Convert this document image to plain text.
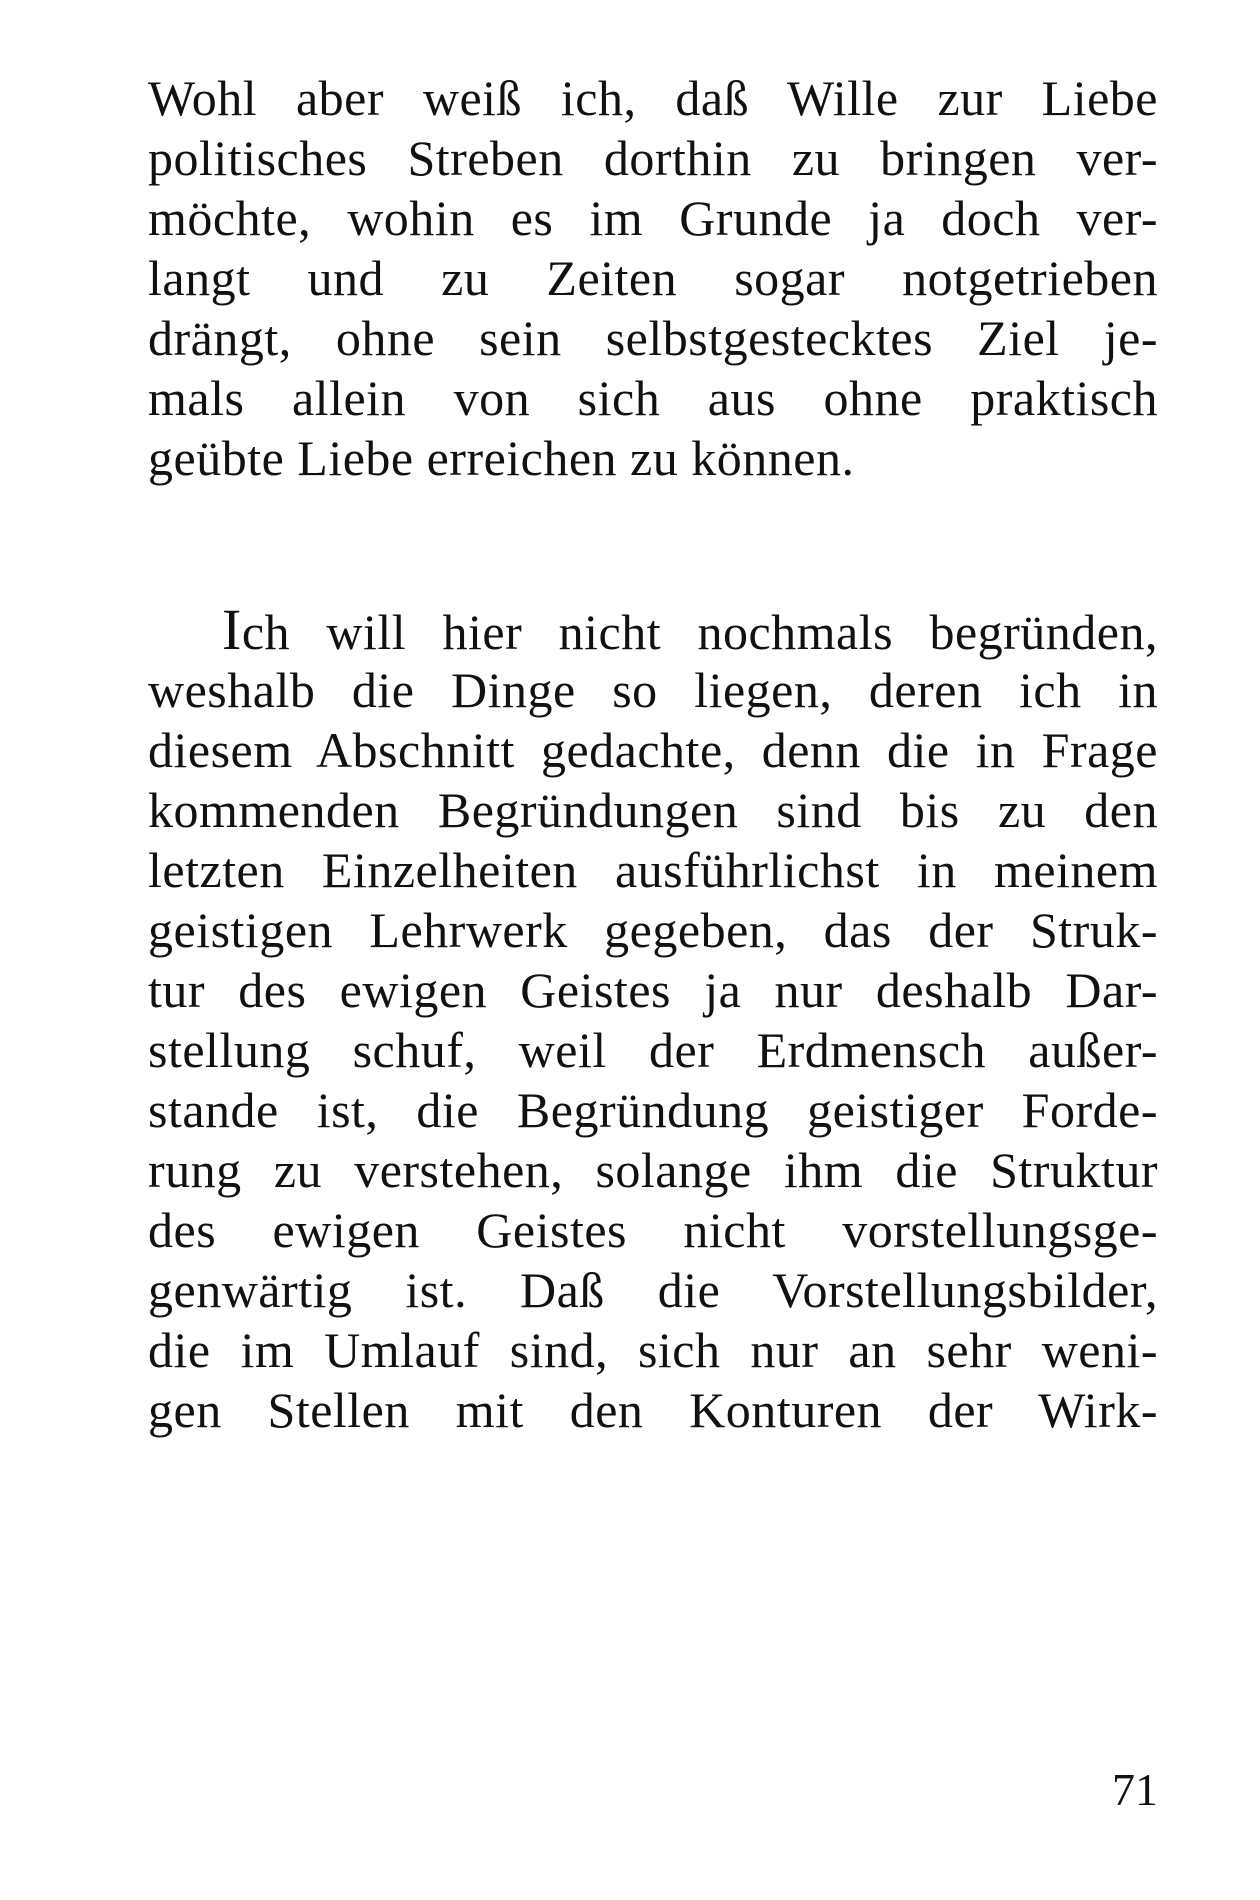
Wohl aber weiß ich, daß Wille zur Liebe
politisches Streben dorthin zu bringen ver-
möchte, wohin es im Grunde ja doch ver-
langt und zu Zeiten sogar notgetrieben
drängt, ohne sein selbstgestecktes Ziel je-
mals allein von sich aus ohne praktisch
geübte Liebe erreichen zu können.
Ich will hier nicht nochmals begründen,
weshalb die Dinge so liegen, deren ich in
diesem Abschnitt gedachte, denn die in Frage
kommenden Begründungen sind bis zu den
letzten Einzelheiten ausführlichst in meinem
geistigen Lehrwerk gegeben, das der Struk-
tur des ewigen Geistes ja nur deshalb Dar-
stellung schuf, weil der Erdmensch außer-
stande ist, die Begründung geistiger Forde-
rung zu verstehen, solange ihm die Struktur
des ewigen Geistes nicht vorstellungsge-
genwärtig ist. Daß die Vorstellungsbilder,
die im Umlauf sind, sich nur an sehr weni-
gen Stellen mit den Konturen der Wirk-
71
